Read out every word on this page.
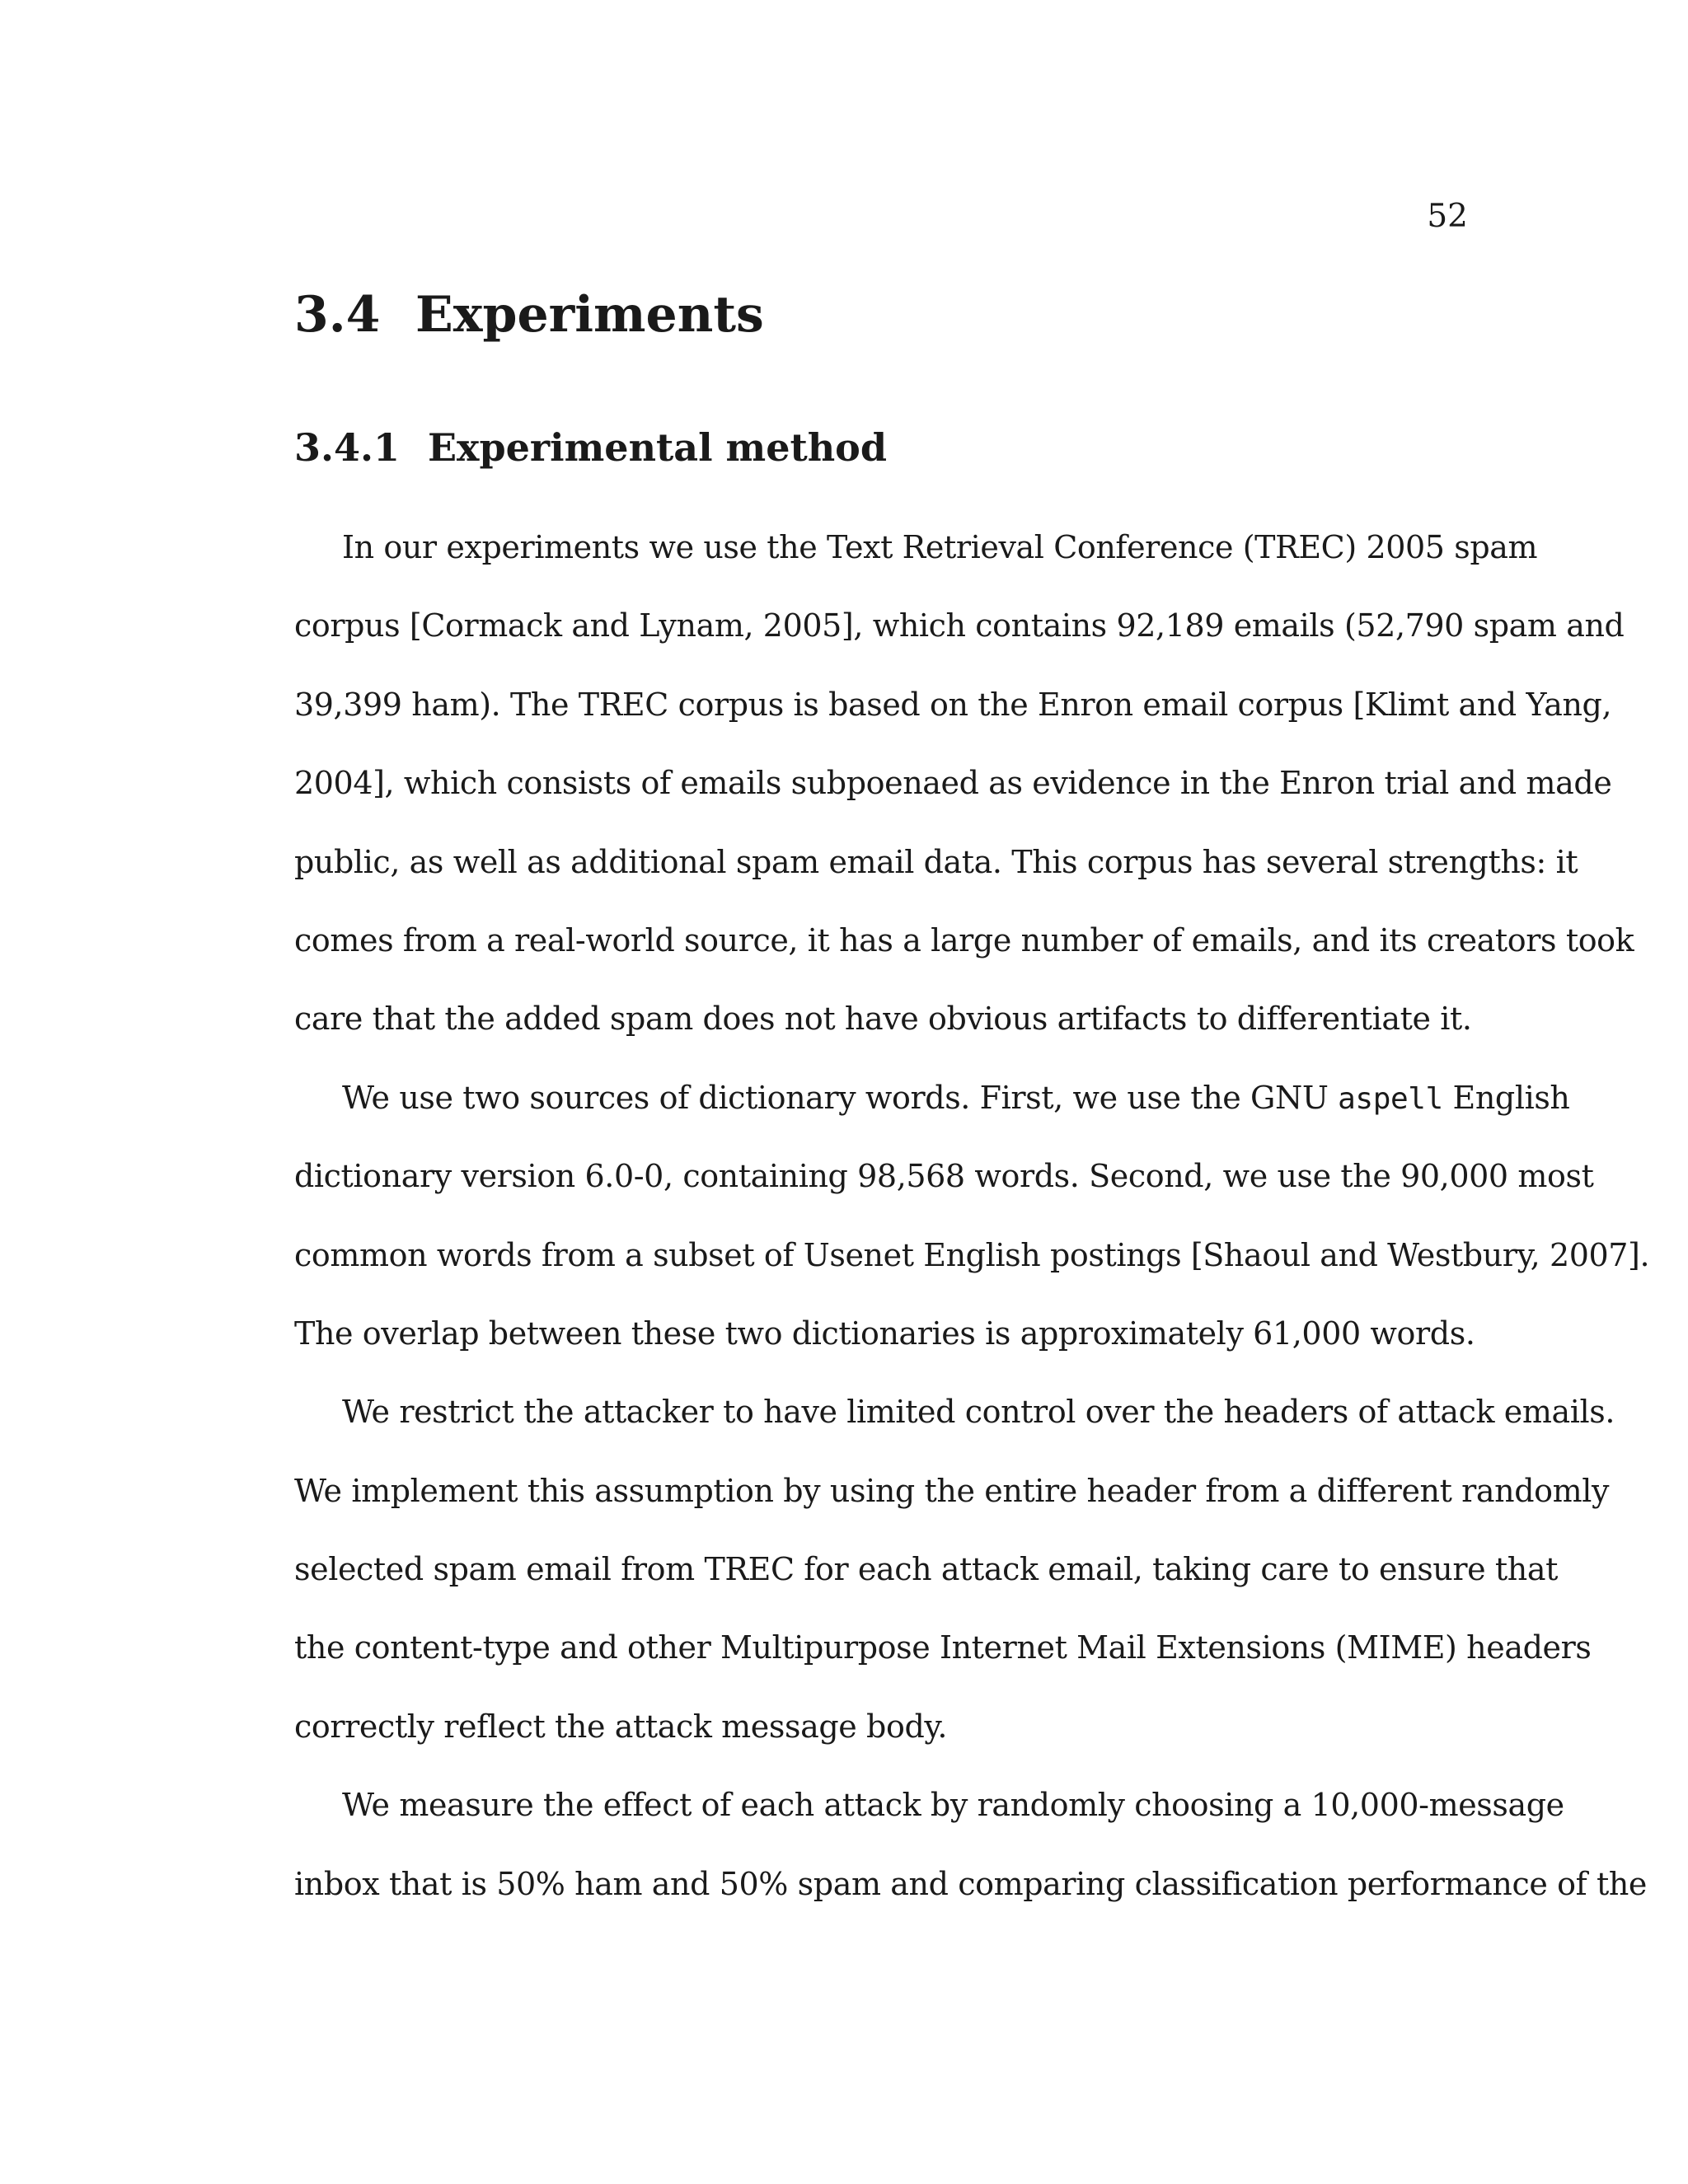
52
3.4 Experiments
3.4.1 Experimental method
In our experiments we use the Text Retrieval Conference (TREC) 2005 spam
corpus [Cormack and Lynam, 2005], which contains 92,189 emails (52,790 spam and
39,399 ham). The TREC corpus is based on the Enron email corpus [Klimt and Yang,
2004], which consists of emails subpoenaed as evidence in the Enron trial and made
public, as well as additional spam email data. This corpus has several strengths: it
comes from a real-world source, it has a large number of emails, and its creators took
care that the added spam does not have obvious artifacts to differentiate it.
We use two sources of dictionary words. First, we use the GNU aspell English
dictionary version 6.0-0, containing 98,568 words. Second, we use the 90,000 most
common words from a subset of Usenet English postings [Shaoul and Westbury, 2007].
The overlap between these two dictionaries is approximately 61,000 words.
We restrict the attacker to have limited control over the headers of attack emails.
We implement this assumption by using the entire header from a different randomly
selected spam email from TREC for each attack email, taking care to ensure that
the content-type and other Multipurpose Internet Mail Extensions (MIME) headers
correctly reflect the attack message body.
We measure the effect of each attack by randomly choosing a 10,000-message
inbox that is 50% ham and 50% spam and comparing classification performance of the
